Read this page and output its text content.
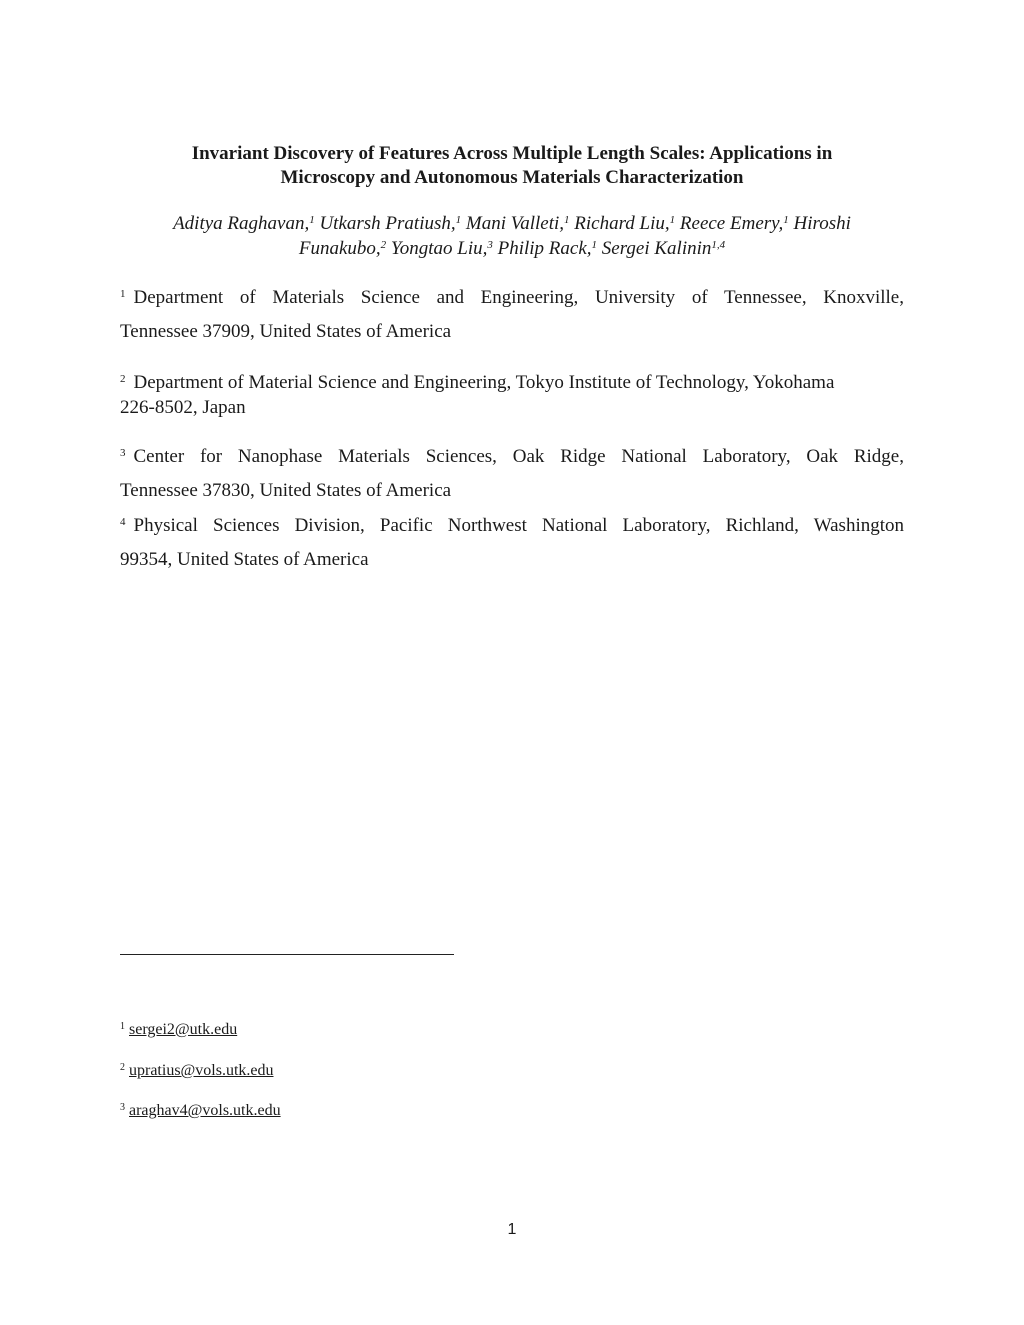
Invariant Discovery of Features Across Multiple Length Scales: Applications in
Microscopy and Autonomous Materials Characterization
Aditya Raghavan,$^1$ Utkarsh Pratiush,$^1$ Mani Valleti,$^1$ Richard Liu,$^1$ Reece Emery,$^1$ Hiroshi
Funakubo,$^2$ Yongtao Liu,$^3$ Philip Rack,$^1$ Sergei Kalinin$^{1,4}$
$^1$ Department of Materials Science and Engineering, University of Tennessee, Knoxville,
Tennessee 37909, United States of America
$^2$ Department of Material Science and Engineering, Tokyo Institute of Technology, Yokohama
226-8502, Japan
$^3$ Center for Nanophase Materials Sciences, Oak Ridge National Laboratory, Oak Ridge,
Tennessee 37830, United States of America
$^4$ Physical Sciences Division, Pacific Northwest National Laboratory, Richland, Washington
99354, United States of America
$^1$ sergei2@utk.edu
$^2$ upratius@vols.utk.edu
$^3$ araghav4@vols.utk.edu
1
